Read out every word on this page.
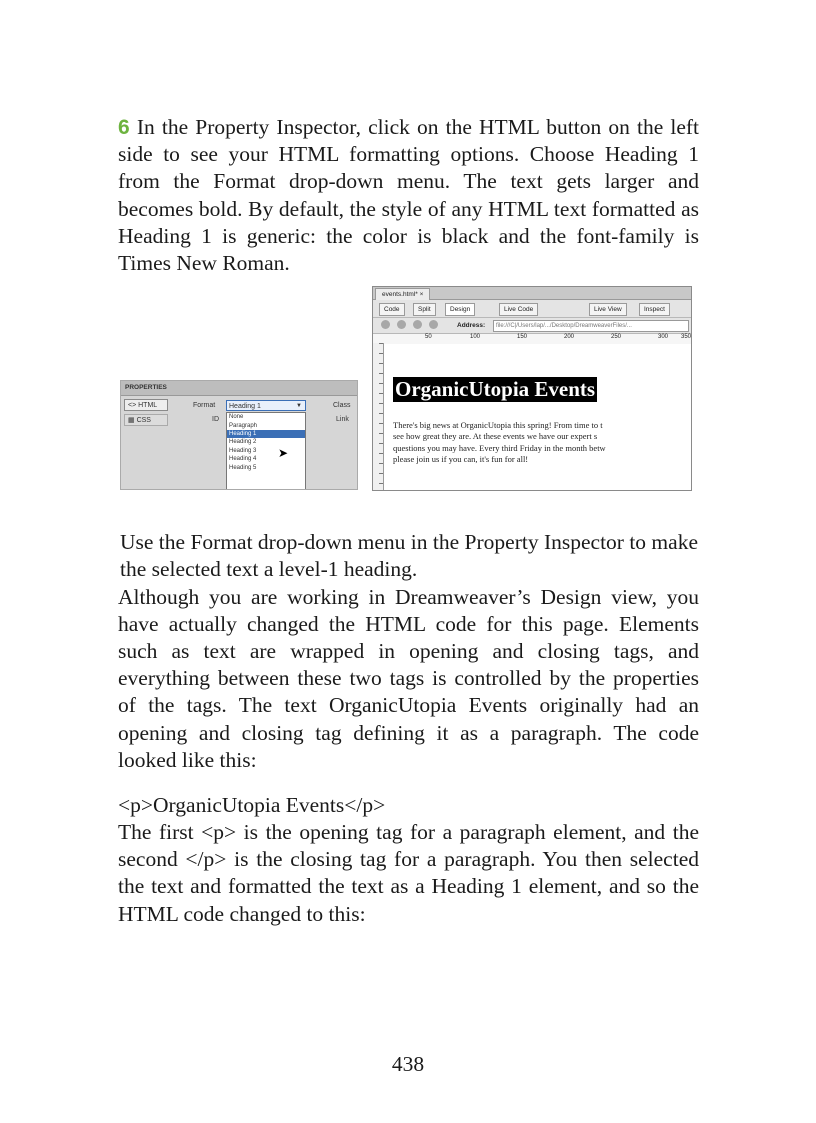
6 In the Property Inspector, click on the HTML button on the left side to see your HTML formatting options. Choose Heading 1 from the Format drop-down menu. The text gets larger and becomes bold. By default, the style of any HTML text formatted as Heading 1 is generic: the color is black and the font-family is Times New Roman.

PROPERTIES
<> HTML
▦ CSS
Format
ID
Class
Link
Heading 1	▼
None
Paragraph
Heading 1
Heading 2
Heading 3
Heading 4
Heading 5
➤
events.html* ×
Code	Split	Design	Live Code	Live View	Inspect
Address:	file:///C|/Users/lap/.../Desktop/DreamweaverFiles/...
50	100	150	200	250	300 350
OrganicUtopia Events
There's big news at OrganicUtopia this spring! From time to t
see how great they are. At these events we have our expert s
questions you may have. Every third Friday in the month betw
please join us if you can, it's fun for all!

Use the Format drop-down menu in the Property Inspector to make the selected text a level-1 heading.

Although you are working in Dreamweaver’s Design view, you have actually changed the HTML code for this page. Elements such as text are wrapped in opening and closing tags, and everything between these two tags is controlled by the properties of the tags. The text OrganicUtopia Events originally had an opening and closing tag defining it as a paragraph. The code looked like this:

<p>OrganicUtopia Events</p>

The first <p> is the opening tag for a paragraph element, and the second </p> is the closing tag for a paragraph. You then selected the text and formatted the text as a Heading 1 element, and so the HTML code changed to this:

438
